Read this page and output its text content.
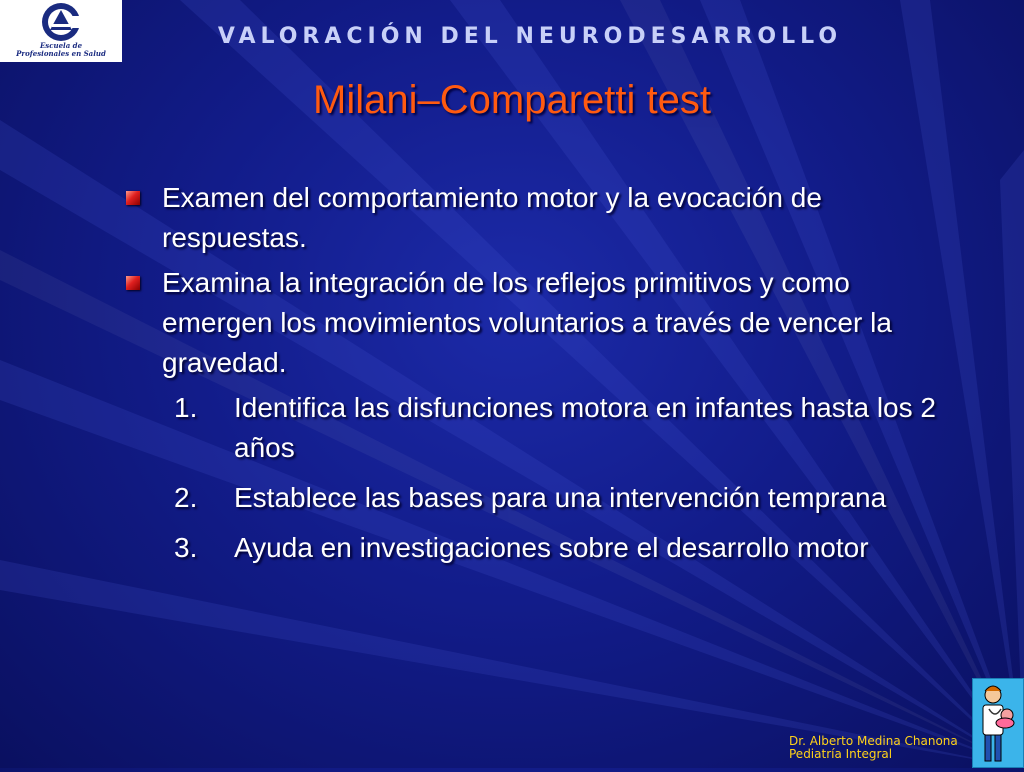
Escuela de
Profesionales en Salud
VALORACIÓN DEL NEURODESARROLLO
Milani–Comparetti test
Examen del comportamiento motor y la evocación de respuestas.
Examina la integración de los reflejos primitivos y como emergen los movimientos voluntarios a través de vencer la gravedad.
1. Identifica las disfunciones motora en infantes hasta los 2 años
2. Establece las bases para una intervención temprana
3. Ayuda en investigaciones sobre el desarrollo motor
Dr. Alberto Medina Chanona
Pediatría Integral
